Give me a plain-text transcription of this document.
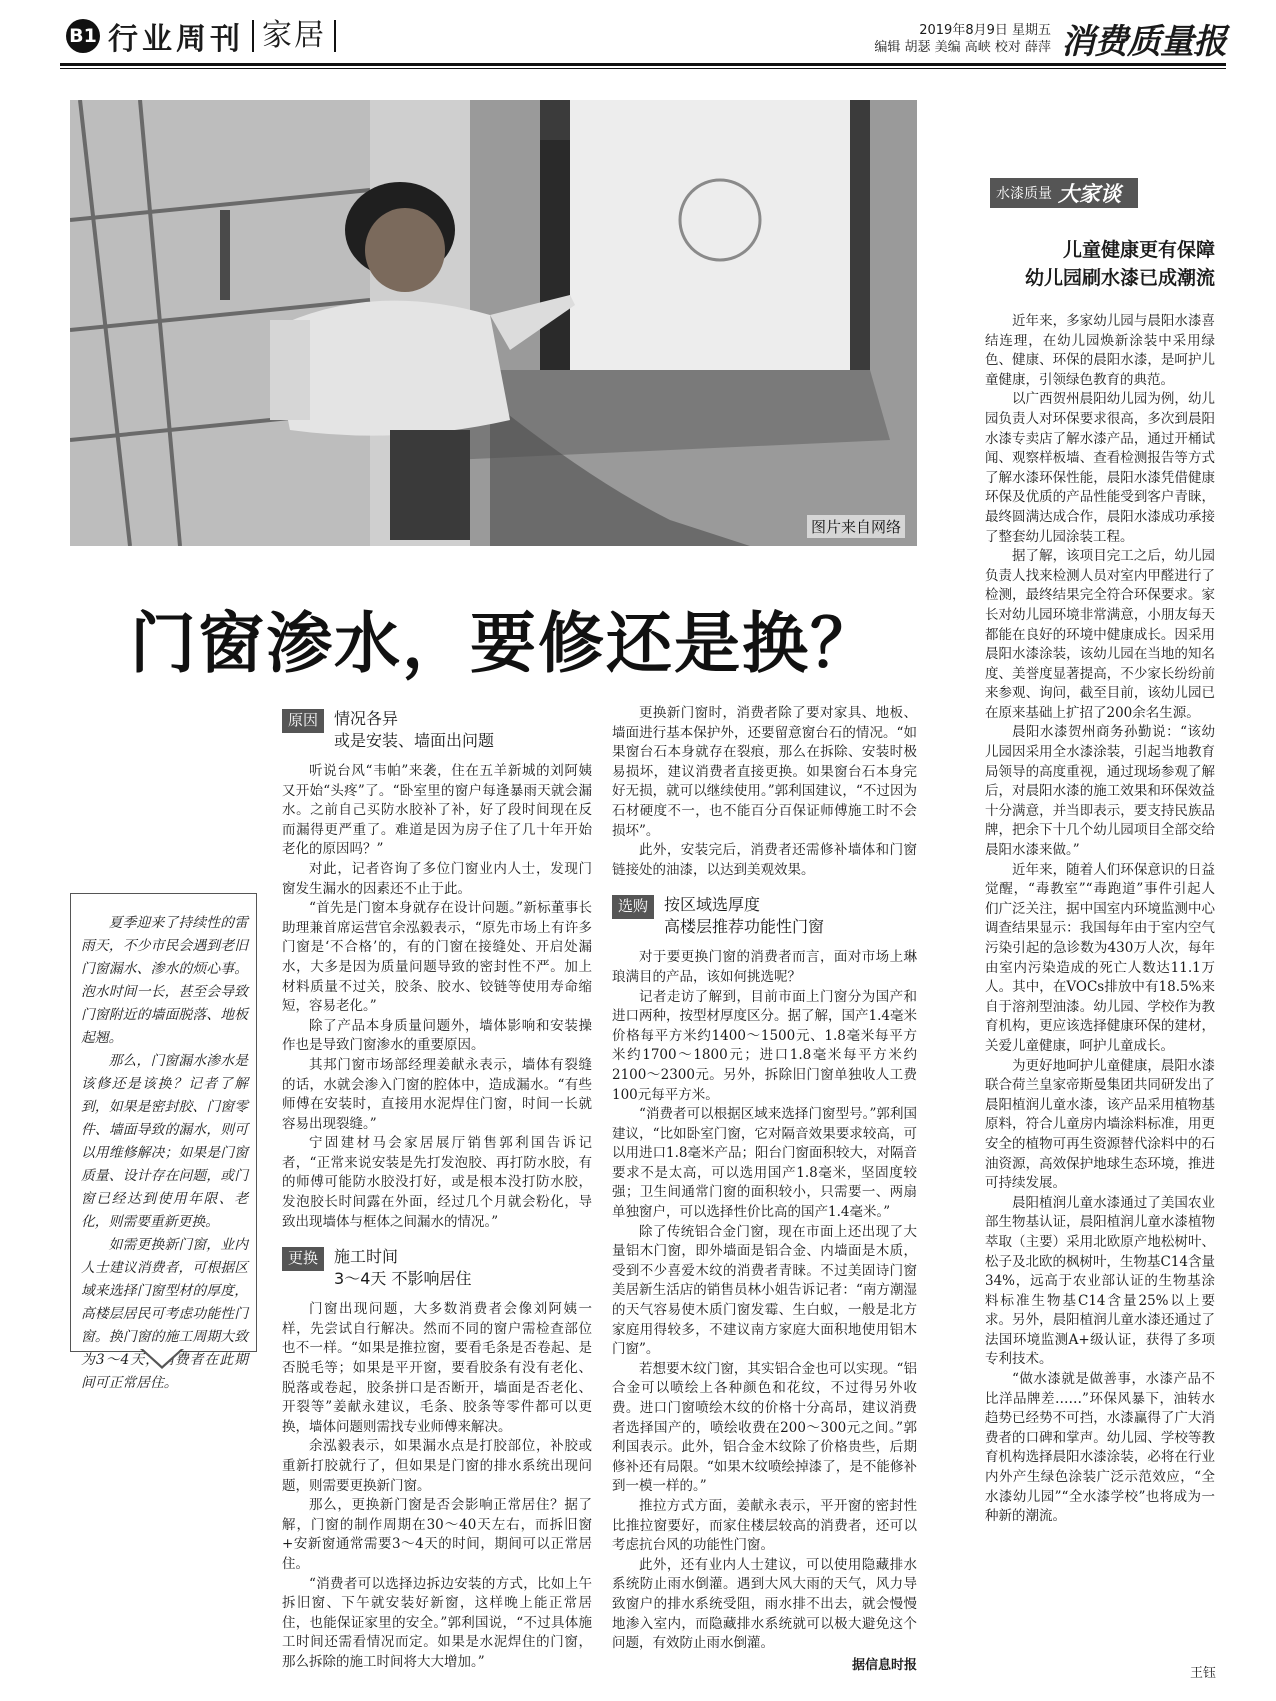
B1 行业周刊 家居	2019年8月9日 星期五
编辑 胡瑟 美编 高峡 校对 薛萍 消费质量报
图片来自网络
门窗渗水，要修还是换？

夏季迎来了持续性的雷雨天，不少市民会遇到老旧门窗漏水、渗水的烦心事。泡水时间一长，甚至会导致门窗附近的墙面脱落、地板起翘。

那么，门窗漏水渗水是该修还是该换？记者了解到，如果是密封胶、门窗零件、墙面导致的漏水，则可以用维修解决；如果是门窗质量、设计存在问题，或门窗已经达到使用年限、老化，则需要重新更换。

如需更换新门窗，业内人士建议消费者，可根据区域来选择门窗型材的厚度，高楼层居民可考虑功能性门窗。换门窗的施工周期大致为3～4天，消费者在此期间可正常居住。

原因	情况各异
或是安装、墙面出问题

听说台风“韦帕”来袭，住在五羊新城的刘阿姨又开始“头疼”了。“卧室里的窗户每逢暴雨天就会漏水。之前自己买防水胶补了补，好了段时间现在反而漏得更严重了。难道是因为房子住了几十年开始老化的原因吗？”

对此，记者咨询了多位门窗业内人士，发现门窗发生漏水的因素还不止于此。

“首先是门窗本身就存在设计问题。”新标董事长助理兼首席运营官余泓毅表示，“原先市场上有许多门窗是‘不合格’的，有的门窗在接缝处、开启处漏水，大多是因为质量问题导致的密封性不严。加上材料质量不过关，胶条、胶水、铰链等使用寿命缩短，容易老化。”

除了产品本身质量问题外，墙体影响和安装操作也是导致门窗渗水的重要原因。

其邦门窗市场部经理姜献永表示，墙体有裂缝的话，水就会渗入门窗的腔体中，造成漏水。“有些师傅在安装时，直接用水泥焊住门窗，时间一长就容易出现裂缝。”

宁固建材马会家居展厅销售郭利国告诉记者，“正常来说安装是先打发泡胶、再打防水胶，有的师傅可能防水胶没打好，或是根本没打防水胶，发泡胶长时间露在外面，经过几个月就会粉化，导致出现墙体与框体之间漏水的情况。”

更换	施工时间
3～4天 不影响居住

门窗出现问题，大多数消费者会像刘阿姨一样，先尝试自行解决。然而不同的窗户需检查部位也不一样。“如果是推拉窗，要看毛条是否卷起、是否脱毛等；如果是平开窗，要看胶条有没有老化、脱落或卷起，胶条拼口是否断开，墙面是否老化、开裂等”姜献永建议，毛条、胶条等零件都可以更换，墙体问题则需找专业师傅来解决。

余泓毅表示，如果漏水点是打胶部位，补胶或重新打胶就行了，但如果是门窗的排水系统出现问题，则需要更换新门窗。

那么，更换新门窗是否会影响正常居住？据了解，门窗的制作周期在30～40天左右，而拆旧窗+安新窗通常需要3～4天的时间，期间可以正常居住。

“消费者可以选择边拆边安装的方式，比如上午拆旧窗、下午就安装好新窗，这样晚上能正常居住，也能保证家里的安全。”郭利国说，“不过具体施工时间还需看情况而定。如果是水泥焊住的门窗，那么拆除的施工时间将大大增加。”

更换新门窗时，消费者除了要对家具、地板、墙面进行基本保护外，还要留意窗台石的情况。“如果窗台石本身就存在裂痕，那么在拆除、安装时极易损坏，建议消费者直接更换。如果窗台石本身完好无损，就可以继续使用。”郭利国建议，“不过因为石材硬度不一，也不能百分百保证师傅施工时不会损坏”。

此外，安装完后，消费者还需修补墙体和门窗链接处的油漆，以达到美观效果。

选购	按区域选厚度
高楼层推荐功能性门窗

对于要更换门窗的消费者而言，面对市场上琳琅满目的产品，该如何挑选呢？

记者走访了解到，目前市面上门窗分为国产和进口两种，按型材厚度区分。据了解，国产1.4毫米价格每平方米约1400～1500元、1.8毫米每平方米约1700～1800元；进口1.8毫米每平方米约2100～2300元。另外，拆除旧门窗单独收人工费100元每平方米。

“消费者可以根据区域来选择门窗型号。”郭利国建议，“比如卧室门窗，它对隔音效果要求较高，可以用进口1.8毫米产品；阳台门窗面积较大，对隔音要求不是太高，可以选用国产1.8毫米，坚固度较强；卫生间通常门窗的面积较小，只需要一、两扇单独窗户，可以选择性价比高的国产1.4毫米。”

除了传统铝合金门窗，现在市面上还出现了大量铝木门窗，即外墙面是铝合金、内墙面是木质，受到不少喜爱木纹的消费者青睐。不过美固诗门窗美居新生活店的销售员林小姐告诉记者：“南方潮湿的天气容易使木质门窗发霉、生白蚁，一般是北方家庭用得较多，不建议南方家庭大面积地使用铝木门窗”。

若想要木纹门窗，其实铝合金也可以实现。“铝合金可以喷绘上各种颜色和花纹，不过得另外收费。进口门窗喷绘木纹的价格十分高昂，建议消费者选择国产的，喷绘收费在200～300元之间。”郭利国表示。此外，铝合金木纹除了价格贵些，后期修补还有局限。“如果木纹喷绘掉漆了，是不能修补到一模一样的。”

推拉方式方面，姜献永表示，平开窗的密封性比推拉窗要好，而家住楼层较高的消费者，还可以考虑抗台风的功能性门窗。

此外，还有业内人士建议，可以使用隐藏排水系统防止雨水倒灌。遇到大风大雨的天气，风力导致窗户的排水系统受阻，雨水排不出去，就会慢慢地渗入室内，而隐藏排水系统就可以极大避免这个问题，有效防止雨水倒灌。

据信息时报
水漆质量 大家谈
儿童健康更有保障
幼儿园刷水漆已成潮流

近年来，多家幼儿园与晨阳水漆喜结连理，在幼儿园焕新涂装中采用绿色、健康、环保的晨阳水漆，是呵护儿童健康，引领绿色教育的典范。

以广西贺州晨阳幼儿园为例，幼儿园负责人对环保要求很高，多次到晨阳水漆专卖店了解水漆产品，通过开桶试闻、观察样板墙、查看检测报告等方式了解水漆环保性能，晨阳水漆凭借健康环保及优质的产品性能受到客户青睐，最终圆满达成合作，晨阳水漆成功承接了整套幼儿园涂装工程。

据了解，该项目完工之后，幼儿园负责人找来检测人员对室内甲醛进行了检测，最终结果完全符合环保要求。家长对幼儿园环境非常满意，小朋友每天都能在良好的环境中健康成长。因采用晨阳水漆涂装，该幼儿园在当地的知名度、美誉度显著提高，不少家长纷纷前来参观、询问，截至目前，该幼儿园已在原来基础上扩招了200余名生源。

晨阳水漆贺州商务孙勤说：“该幼儿园因采用全水漆涂装，引起当地教育局领导的高度重视，通过现场参观了解后，对晨阳水漆的施工效果和环保效益十分满意，并当即表示，要支持民族品牌，把余下十几个幼儿园项目全部交给晨阳水漆来做。”

近年来，随着人们环保意识的日益觉醒，“毒教室”“毒跑道”事件引起人们广泛关注，据中国室内环境监测中心调查结果显示：我国每年由于室内空气污染引起的急诊数为430万人次，每年由室内污染造成的死亡人数达11.1万人。其中，在VOCs排放中有18.5%来自于溶剂型油漆。幼儿园、学校作为教育机构，更应该选择健康环保的建材，关爱儿童健康，呵护儿童成长。

为更好地呵护儿童健康，晨阳水漆联合荷兰皇家帝斯曼集团共同研发出了晨阳植润儿童水漆，该产品采用植物基原料，符合儿童房内墙涂料标准，用更安全的植物可再生资源替代涂料中的石油资源，高效保护地球生态环境，推进可持续发展。

晨阳植润儿童水漆通过了美国农业部生物基认证，晨阳植润儿童水漆植物萃取（主要）采用北欧原产地松树叶、松子及北欧的枫树叶，生物基C14含量34%，远高于农业部认证的生物基涂料标准生物基C14含量25%以上要求。另外，晨阳植润儿童水漆还通过了法国环境监测A+级认证，获得了多项专利技术。

“做水漆就是做善事，水漆产品不比洋品牌差……”环保风暴下，油转水趋势已经势不可挡，水漆赢得了广大消费者的口碑和掌声。幼儿园、学校等教育机构选择晨阳水漆涂装，必将在行业内外产生绿色涂装广泛示范效应，“全水漆幼儿园”“全水漆学校”也将成为一种新的潮流。

王钰
